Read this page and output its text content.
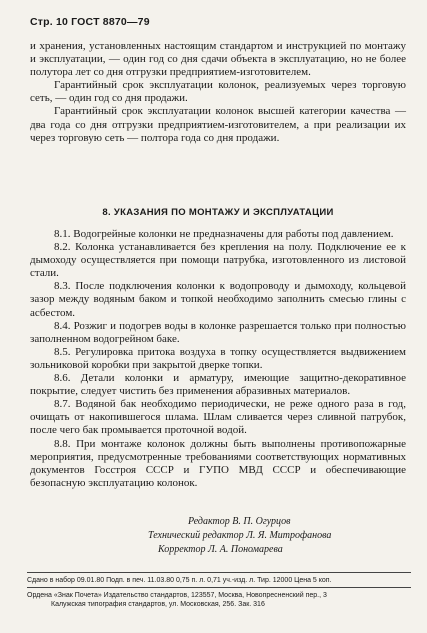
Стр. 10 ГОСТ 8870—79

и хранения, установленных настоящим стандартом и инструкцией по монтажу и эксплуатации, — один год со дня сдачи объекта в эксплуатацию, но не более полутора лет со дня отгрузки предприятием-изготовителем.

Гарантийный срок эксплуатации колонок, реализуемых через торговую сеть, — один год со дня продажи.

Гарантийный срок эксплуатации колонок высшей категории качества — два года со дня отгрузки предприятием-изготовителем, а при реализации их через торговую сеть — полтора года со дня продажи.

8. УКАЗАНИЯ ПО МОНТАЖУ И ЭКСПЛУАТАЦИИ

8.1. Водогрейные колонки не предназначены для работы под давлением.

8.2. Колонка устанавливается без крепления на полу. Подключение ее к дымоходу осуществляется при помощи патрубка, изготовленного из листовой стали.

8.3. После подключения колонки к водопроводу и дымоходу, кольцевой зазор между водяным баком и топкой необходимо заполнить смесью глины с асбестом.

8.4. Розжиг и подогрев воды в колонке разрешается только при полностью заполненном водогрейном баке.

8.5. Регулировка притока воздуха в топку осуществляется выдвижением зольниковой коробки при закрытой дверке топки.

8.6. Детали колонки и арматуру, имеющие защитно-декоративное покрытие, следует чистить без применения абразивных материалов.

8.7. Водяной бак необходимо периодически, не реже одного раза в год, очищать от накопившегося шлама. Шлам сливается через сливной патрубок, после чего бак промывается проточной водой.

8.8. При монтаже колонок должны быть выполнены противопожарные мероприятия, предусмотренные требованиями соответствующих нормативных документов Госстроя СССР и ГУПО МВД СССР и обеспечивающие безопасную эксплуатацию колонок.

Редактор В. П. Огурцов
Технический редактор Л. Я. Митрофанова
Корректор Л. А. Пономарева
Сдано в набор 09.01.80 Подп. в печ. 11.03.80 0,75 п. л. 0,71 уч.-изд. л. Тир. 12000 Цена 5 коп.
Ордена «Знак Почета» Издательство стандартов, 123557, Москва, Новопресненский пер., 3
Калужская типография стандартов, ул. Московская, 256. Зак. 316
